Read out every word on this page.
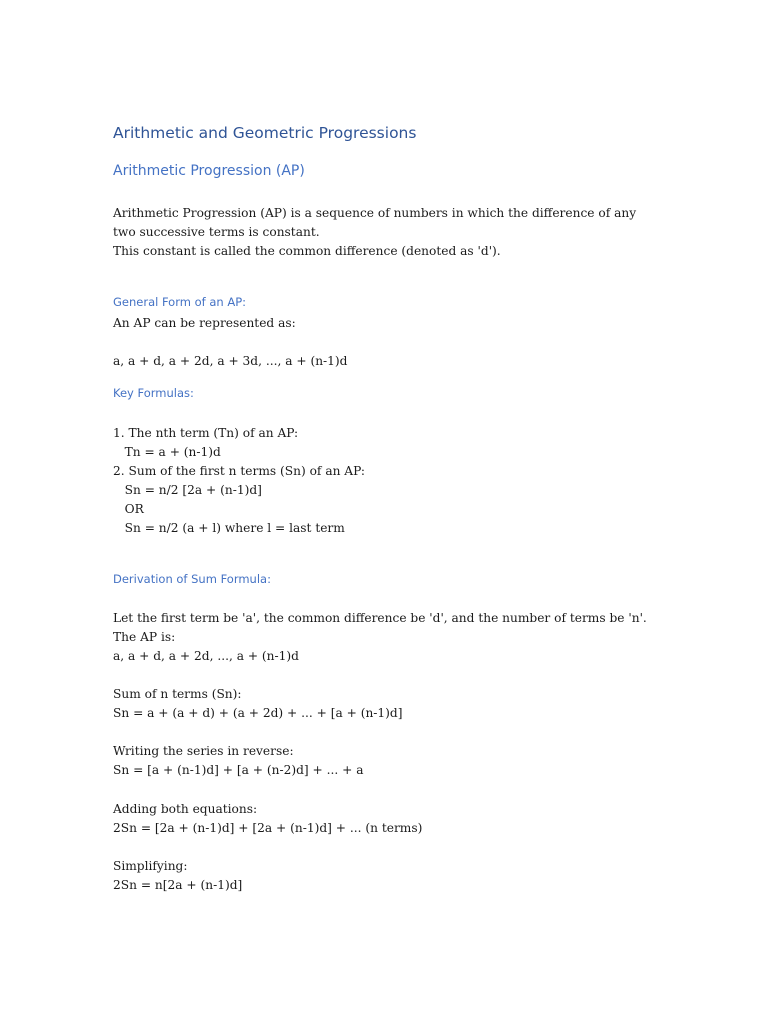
Arithmetic and Geometric Progressions
Arithmetic Progression (AP)
Arithmetic Progression (AP) is a sequence of numbers in which the difference of any two successive terms is constant.
This constant is called the common difference (denoted as 'd').
General Form of an AP:
An AP can be represented as:
a, a + d, a + 2d, a + 3d, ..., a + (n-1)d
Key Formulas:
1. The nth term (Tn) of an AP:
Tn = a + (n-1)d
2. Sum of the first n terms (Sn) of an AP:
Sn = n/2 [2a + (n-1)d]
OR
Sn = n/2 (a + l) where l = last term
Derivation of Sum Formula:
Let the first term be 'a', the common difference be 'd', and the number of terms be 'n'. The AP is:
a, a + d, a + 2d, ..., a + (n-1)d
Sum of n terms (Sn):
Sn = a + (a + d) + (a + 2d) + ... + [a + (n-1)d]
Writing the series in reverse:
Sn = [a + (n-1)d] + [a + (n-2)d] + ... + a
Adding both equations:
2Sn = [2a + (n-1)d] + [2a + (n-1)d] + ... (n terms)
Simplifying:
2Sn = n[2a + (n-1)d]
